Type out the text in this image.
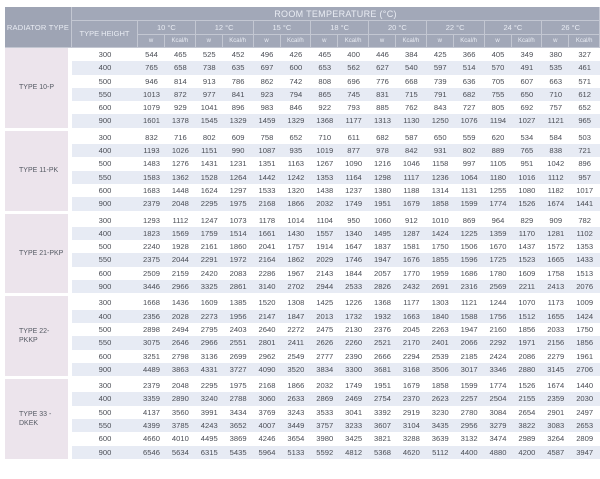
RADIATOR TYPE	ROOM TEMPERATURE (°C)																
	TYPE HEIGHT	10 °C		12 °C		15 °C		18 °C		20 °C		22 °C		24 °C		26 °C	
		w	Kcal/h	w	Kcal/h	w	Kcal/h	w	Kcal/h	w	Kcal/h	w	Kcal/h	w	Kcal/h	w	Kcal/h
TYPE 10-P	300	544	465	525	452	496	426	465	400	446	384	425	366	405	349	380	327
	400	765	658	738	635	697	600	653	562	627	540	597	514	570	491	535	461
	500	946	814	913	786	862	742	808	696	776	668	739	636	705	607	663	571
	550	1013	872	977	841	923	794	865	745	831	715	791	682	755	650	710	612
	600	1079	929	1041	896	983	846	922	793	885	762	843	727	805	692	757	652
	900	1601	1378	1545	1329	1459	1329	1368	1177	1313	1130	1250	1076	1194	1027	1121	965

TYPE 11-PK	300	832	716	802	609	758	652	710	611	682	587	650	559	620	534	584	503
	400	1193	1026	1151	990	1087	935	1019	877	978	842	931	802	889	765	838	721
	500	1483	1276	1431	1231	1351	1163	1267	1090	1216	1046	1158	997	1105	951	1042	896
	550	1583	1362	1528	1264	1442	1242	1353	1164	1298	1117	1236	1064	1180	1016	1112	957
	600	1683	1448	1624	1297	1533	1320	1438	1237	1380	1188	1314	1131	1255	1080	1182	1017
	900	2379	2048	2295	1975	2168	1866	2032	1749	1951	1679	1858	1599	1774	1526	1674	1441

TYPE 21-PKP	300	1293	1112	1247	1073	1178	1014	1104	950	1060	912	1010	869	964	829	909	782
	400	1823	1569	1759	1514	1661	1430	1557	1340	1495	1287	1424	1225	1359	1170	1281	1102
	500	2240	1928	2161	1860	2041	1757	1914	1647	1837	1581	1750	1506	1670	1437	1572	1353
	550	2375	2044	2291	1972	2164	1862	2029	1746	1947	1676	1855	1596	1725	1523	1665	1433
	600	2509	2159	2420	2083	2286	1967	2143	1844	2057	1770	1959	1686	1780	1609	1758	1513
	900	3446	2966	3325	2861	3140	2702	2944	2533	2826	2432	2691	2316	2569	2211	2413	2076

TYPE 22-PKKP	300	1668	1436	1609	1385	1520	1308	1425	1226	1368	1177	1303	1121	1244	1070	1173	1009
	400	2356	2028	2273	1956	2147	1847	2013	1732	1932	1663	1840	1588	1756	1512	1655	1424
	500	2898	2494	2795	2403	2640	2272	2475	2130	2376	2045	2263	1947	2160	1856	2033	1750
	550	3075	2646	2966	2551	2801	2411	2626	2260	2521	2170	2401	2066	2292	1971	2156	1856
	600	3251	2798	3136	2699	2962	2549	2777	2390	2666	2294	2539	2185	2424	2086	2279	1961
	900	4489	3863	4331	3727	4090	3520	3834	3300	3681	3168	3506	3017	3346	2880	3145	2706

TYPE 33 - DKEK	300	2379	2048	2295	1975	2168	1866	2032	1749	1951	1679	1858	1599	1774	1526	1674	1440
	400	3359	2890	3240	2788	3060	2633	2869	2469	2754	2370	2623	2257	2504	2155	2359	2030
	500	4137	3560	3991	3434	3769	3243	3533	3041	3392	2919	3230	2780	3084	2654	2901	2497
	550	4399	3785	4243	3652	4007	3449	3757	3233	3607	3104	3435	2956	3279	3822	3083	2653
	600	4660	4010	4495	3869	4246	3654	3980	3425	3821	3288	3639	3132	3474	2989	3264	2809
	900	6546	5634	6315	5435	5964	5133	5592	4812	5368	4620	5112	4400	4880	4200	4587	3947
